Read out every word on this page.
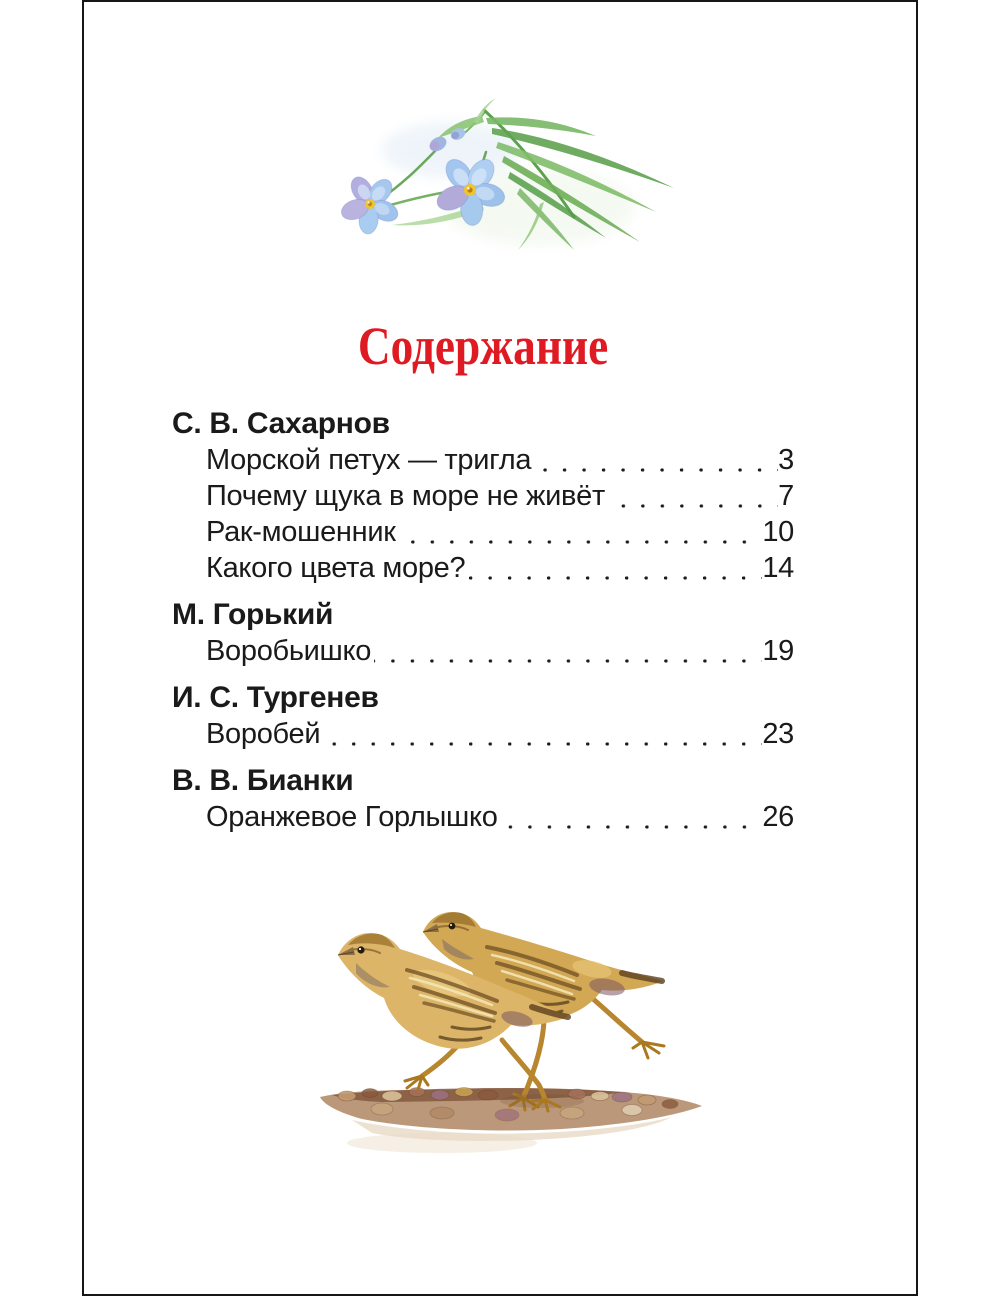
Содержание
С. В. Сахарнов
Морской петух — тригла	3
Почему щука в море не живёт	7
Рак-мошенник	10
Какого цвета море?	14
М. Горький
Воробьишко	19
И. С. Тургенев
Воробей	23
В. В. Бианки
Оранжевое Горлышко	26
